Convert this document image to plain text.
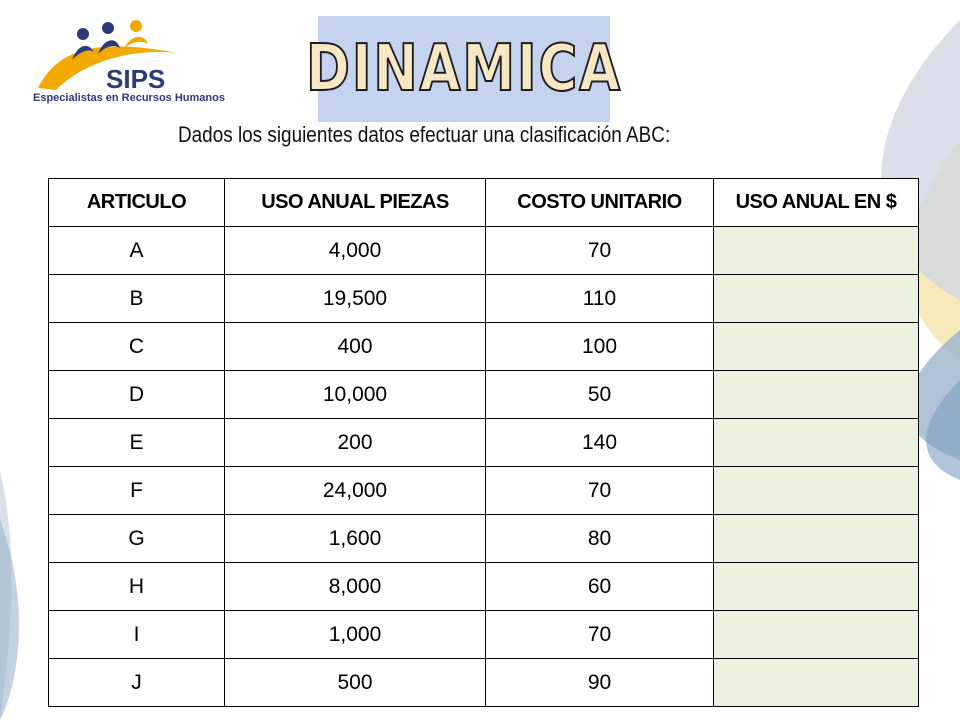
SIPS
Especialistas en Recursos Humanos DINAMICA
Dados los siguientes datos efectuar una clasificación ABC:
ARTICULO	USO ANUAL PIEZAS	COSTO UNITARIO	USO ANUAL EN $
A	4,000	70	
B	19,500	110	
C	400	100	
D	10,000	50	
E	200	140	
F	24,000	70	
G	1,600	80	
H	8,000	60	
I	1,000	70	
J	500	90	
